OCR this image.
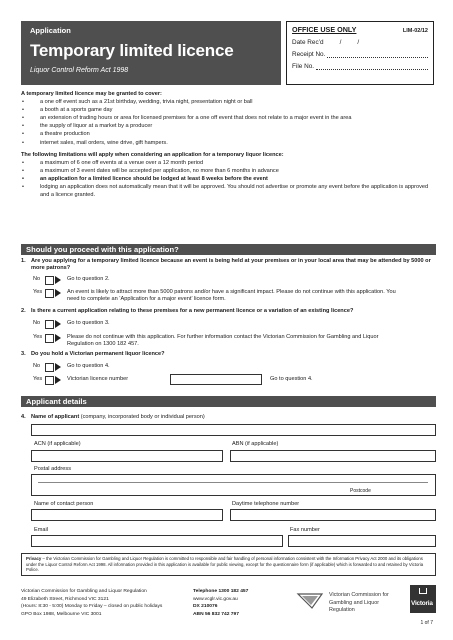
Application
Temporary limited licence
Liquor Control Reform Act 1998
OFFICE USE ONLY	LIM-02/12
Date Rec’d	/	/
Receipt No.
File No.
A temporary limited licence may be granted to cover:
• a one off event such as a 21st birthday, wedding, trivia night, presentation night or ball
• a booth at a sports game day
• an extension of trading hours or area for licensed premises for a one off event that does not relate to a major event in the area
• the supply of liquor at a market by a producer
• a theatre production
• internet sales, mail orders, wine drive, gift hampers.
The following limitations will apply when considering an application for a temporary liquor licence:
• a maximum of 6 one off events at a venue over a 12 month period
• a maximum of 3 event dates will be accepted per application, no more than 6 months in advance
• an application for a limited licence should be lodged at least 8 weeks before the event
• lodging an application does not automatically mean that it will be approved. You should not advertise or promote any event before the application is approved and a licence granted.
Should you proceed with this application?
1. Are you applying for a temporary limited licence because an event is being held at your premises or in your local area that may be attended by 5000 or more patrons?
No	Go to question 2.
Yes	An event is likely to attract more than 5000 patrons and/or have a significant impact. Please do not continue with this application. You need to complete an ‘Application for a major event’ licence form.
2. Is there a current application relating to these premises for a new permanent licence or a variation of an existing licence?
No	Go to question 3.
Yes	Please do not continue with this application. For further information contact the Victorian Commission for Gambling and Liquor Regulation on 1300 182 457.
3. Do you hold a Victorian permanent liquor licence?
No	Go to question 4.
Yes	Victorian licence number	Go to question 4.
Applicant details
4. Name of applicant (company, incorporated body or individual person)
ACN (if applicable)	ABN (if applicable)
Postal address
Postcode
Name of contact person	Daytime telephone number
Email	Fax number
Privacy – the Victorian Commission for Gambling and Liquor Regulation is committed to responsible and fair handling of personal information consistent with the Information Privacy Act 2000 and its obligations under the Liquor Control Reform Act 1998. All information provided in this application is available for public viewing, except for the questionnaire form (if applicable) which is forwarded to and retained by Victoria Police.
Victorian Commission for Gambling and Liquor Regulation
49 Elizabeth Street, Richmond VIC 3121
(Hours: 8:30 - 5:00) Monday to Friday – closed on public holidays
GPO Box 1988, Melbourne VIC 3001
Telephone 1300 182 457
www.vcglr.vic.gov.au
DX 210076
ABN 56 832 742 797
Victorian Commission for
Gambling and Liquor Regulation
Victoria
1 of 7
